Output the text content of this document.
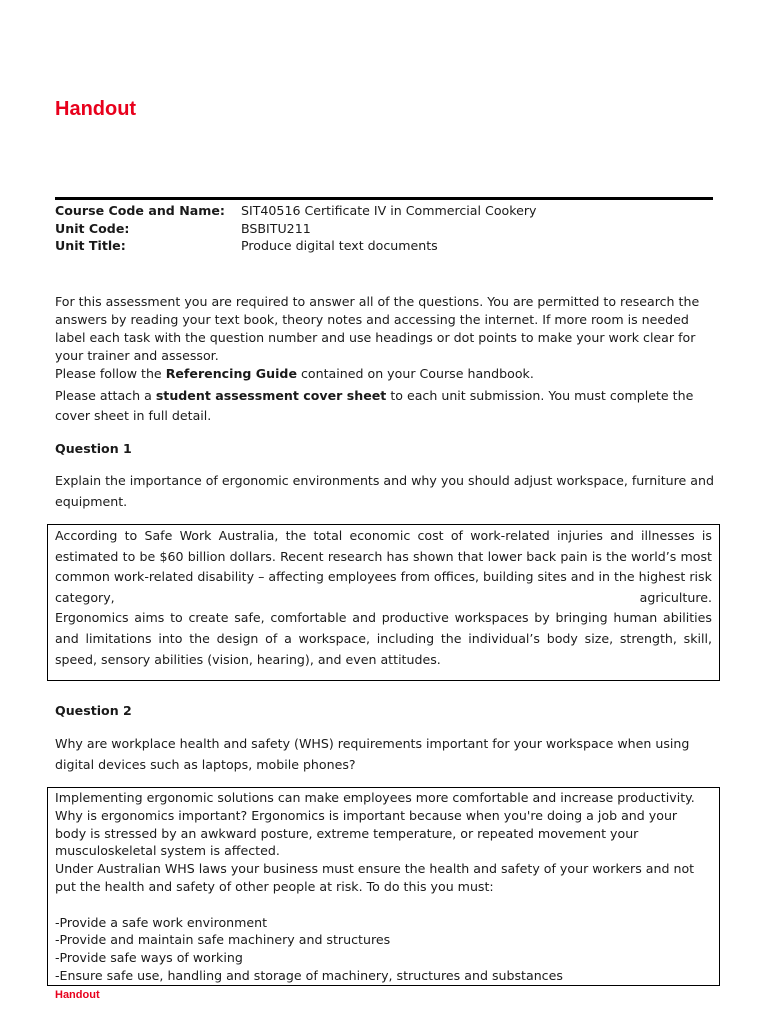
Handout
Course Code and Name:	SIT40516 Certificate IV in Commercial Cookery
Unit Code:	BSBITU211
Unit Title:	Produce digital text documents

For this assessment you are required to answer all of the questions. You are permitted to research the answers by reading your text book, theory notes and accessing the internet. If more room is needed label each task with the question number and use headings or dot points to make your work clear for your trainer and assessor.

Please follow the Referencing Guide contained on your Course handbook.

Please attach a student assessment cover sheet to each unit submission. You must complete the cover sheet in full detail.

Question 1
Explain the importance of ergonomic environments and why you should adjust workspace, furniture and equipment.

According to Safe Work Australia, the total economic cost of work-related injuries and illnesses is estimated to be $60 billion dollars. Recent research has shown that lower back pain is the world’s most common work-related disability – affecting employees from offices, building sites and in the highest risk

category,	agriculture.

Ergonomics aims to create safe, comfortable and productive workspaces by bringing human abilities and limitations into the design of a workspace, including the individual’s body size, strength, skill, speed, sensory abilities (vision, hearing), and even attitudes.

Question 2
Why are workplace health and safety (WHS) requirements important for your workspace when using digital devices such as laptops, mobile phones?

Implementing ergonomic solutions can make employees more comfortable and increase productivity.

Why is ergonomics important? Ergonomics is important because when you're doing a job and your body is stressed by an awkward posture, extreme temperature, or repeated movement your musculoskeletal system is affected.

Under Australian WHS laws your business must ensure the health and safety of your workers and not put the health and safety of other people at risk. To do this you must:

-Provide a safe work environment

-Provide and maintain safe machinery and structures

-Provide safe ways of working

-Ensure safe use, handling and storage of machinery, structures and substances

Handout
